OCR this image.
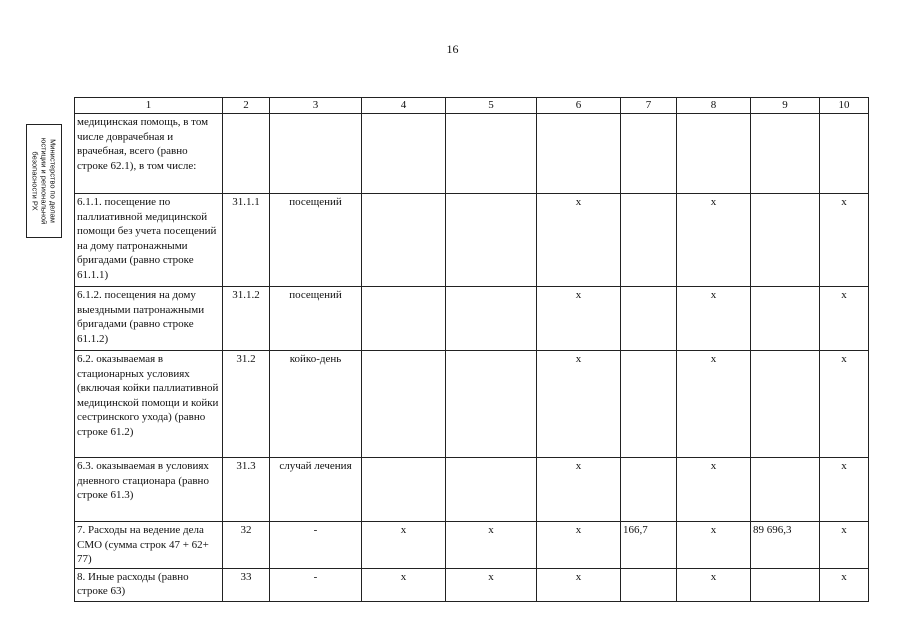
16
Министерство по делам
юстиции и региональной
безопасности РХ
1	2	3	4	5	6	7	8	9	10
медицинская помощь, в том числе доврачебная и врачебная, всего (равно строке 62.1), в том числе:									
6.1.1. посещение по паллиативной медицинской помощи без учета посещений на дому патронажными бригадами (равно строке 61.1.1)	31.1.1	посещений			x		x		x
6.1.2. посещения на дому выездными патронажными бригадами (равно строке 61.1.2)	31.1.2	посещений			x		x		x
6.2. оказываемая в стационарных условиях (включая койки паллиативной медицинской помощи и койки сестринского ухода) (равно строке 61.2)	31.2	койко-день			x		x		x
6.3. оказываемая в условиях дневного стационара (равно строке 61.3)	31.3	случай лечения			x		x		x
7. Расходы на ведение дела СМО (сумма строк 47 + 62+ 77)	32	-	x	x	x	166,7	x	89 696,3	x
8. Иные расходы (равно строке 63)	33	-	x	x	x		x		x
